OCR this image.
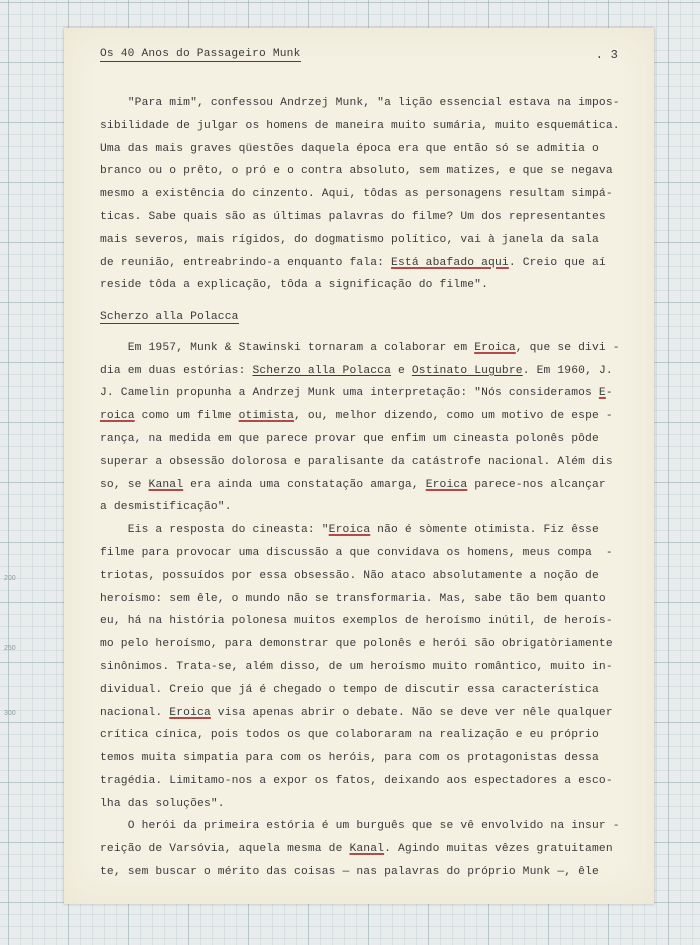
Os 40 Anos do Passageiro Munk	. 3
"Para mim", confessou Andrzej Munk, "a lição essencial estava na impos-
sibilidade de julgar os homens de maneira muito sumária, muito esquemática.
Uma das mais graves qüestões daquela época era que então só se admitia o
branco ou o prêto, o pró e o contra absoluto, sem matizes, e que se negava
mesmo a existência do cinzento. Aqui, tôdas as personagens resultam simpá-
ticas. Sabe quais são as últimas palavras do filme? Um dos representantes
mais severos, mais rígidos, do dogmatismo político, vai à janela da sala
de reunião, entreabrindo-a enquanto fala: Está abafado aqui. Creio que aí
reside tôda a explicação, tôda a significação do filme".
Scherzo alla Polacca
Em 1957, Munk & Stawinski tornaram a colaborar em Eroica, que se divi -
dia em duas estórias: Scherzo alla Polacca e Ostinato Lugubre. Em 1960, J.
J. Camelin propunha a Andrzej Munk uma interpretação: "Nós consideramos E-
roica como um filme otimista, ou, melhor dizendo, como um motivo de espe -
rança, na medida em que parece provar que enfim um cineasta polonês pôde
superar a obsessão dolorosa e paralisante da catástrofe nacional. Além dis
so, se Kanal era ainda uma constatação amarga, Eroica parece-nos alcançar
a desmistificação".
Eis a resposta do cineasta: "Eroica não é sòmente otimista. Fiz êsse
filme para provocar uma discussão a que convidava os homens, meus compa  -
triotas, possuídos por essa obsessão. Não ataco absolutamente a noção de
heroísmo: sem êle, o mundo não se transformaria. Mas, sabe tão bem quanto
eu, há na história polonesa muitos exemplos de heroísmo inútil, de heroís-
mo pelo heroísmo, para demonstrar que polonês e herói são obrigatòriamente
sinônimos. Trata-se, além disso, de um heroísmo muito romântico, muito in-
dividual. Creio que já é chegado o tempo de discutir essa característica
nacional. Eroica visa apenas abrir o debate. Não se deve ver nêle qualquer
crítica cínica, pois todos os que colaboraram na realização e eu próprio
temos muita simpatia para com os heróis, para com os protagonistas dessa
tragédia. Limitamo-nos a expor os fatos, deixando aos espectadores a esco-
lha das soluções".
O herói da primeira estória é um burguês que se vê envolvido na insur -
reição de Varsóvia, aquela mesma de Kanal. Agindo muitas vêzes gratuitamen
te, sem buscar o mérito das coisas — nas palavras do próprio Munk —, êle
200
250
300
